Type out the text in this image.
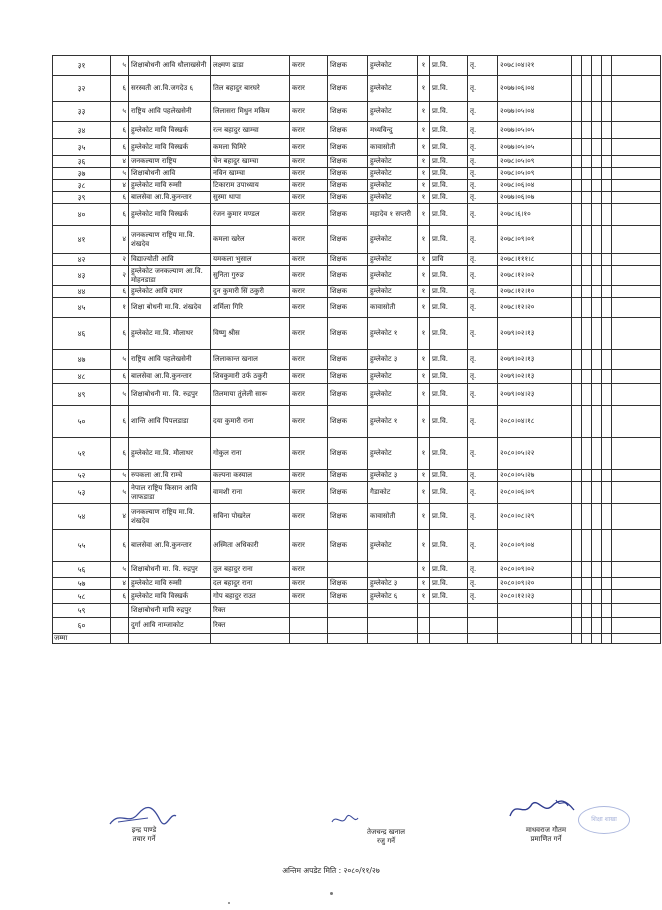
३१	५	शिक्षाबोधनी आवि धौलाखसेनी	लक्ष्मण ढाडा	करार	शिक्षक	हुम्लेकोट	१	प्रा.वि.	तृ.	२०७८।०४।२१					
३२	६	सरस्वती आ.वि.जगदेउ ६	तिल बहादुर बारघरे	करार	शिक्षक	हुम्लेकोट	१	प्रा.वि.	तृ.	२०७७।०६।०४					
३३	५	राष्ट्रिय आवि पहलेखसेनी	लिलासरा मिधुन मकिम	करार	शिक्षक	हुम्लेकोट	१	प्रा.वि.	तृ.	२०७७।०५।०४					
३४	६	हुम्लेकोट मावि विस्खर्क	रत्न बहादुर खाम्चा	करार	शिक्षक	मध्यविन्दु	१	प्रा.वि.	तृ.	२०७७।०५।०५					
३५	६	हुम्लेकोट मावि विस्खर्क	कमला घिमिरे	करार	शिक्षक	कावासोती	१	प्रा.वि.	तृ.	२०७७।०५।०५					
३६	४	जनकल्याण राष्ट्रिय	चेन बहादुर खाम्चा	करार	शिक्षक	हुम्लेकोट	१	प्रा.वि.	तृ.	२०७८।०५।०९					
३७	५	शिक्षाबोधनी आवि	नविन खाम्चा	करार	शिक्षक	हुम्लेकोट	१	प्रा.वि.	तृ.	२०७८।०५।०९					
३८	४	हुम्लेकोट मावि रुम्सी	टिकाराम उपाध्याय	करार	शिक्षक	हुम्लेकोट	१	प्रा.वि.	तृ.	२०७८।०६।०४					
३९	६	बालसेवा आ.वि.कुनन्तार	सुस्मा थापा	करार	शिक्षक	हुम्लेकोट	१	प्रा.वि.	तृ.	२०७७।०६।०७					
४०	६	हुम्लेकोट मावि विस्खर्क	रंजन कुमार मण्डल	करार	शिक्षक	महादेव १ सप्तरी	१	प्रा.वि.	तृ.	२०७८।६।१०					
४१	४	जनकल्याण राष्ट्रिय मा.वि. शंखदेव	कमला खरेल	करार	शिक्षक	हुम्लेकोट	१	प्रा.वि.	तृ.	२०७८।०९।०१					
४२	२	विद्याज्योती आवि	यमकला भुसाल	करार	शिक्षक	हुम्लेकोट	१	प्रावि	तृ.	२०७८।१११।८					
४३	२	हुम्लेकोट जनकल्याण आ.वि. मोहनडाडा	सुनिता गुरुङ	करार	शिक्षक	हुम्लेकोट	१	प्रा.वि.	तृ.	२०७८।१२।०२					
४४	६	हुम्लेकोट आवि दमार	दुन कुमारी सिं ठकुरी	करार	शिक्षक	हुम्लेकोट	१	प्रा.वि.	तृ.	२०७८।१२।१०					
४५	१	शिक्षा बोधनी मा.वि. शंखदेव	शर्मिला गिरि	करार	शिक्षक	कावासोती	१	प्रा.वि.	तृ.	२०७८।१२।२०					
४६	६	हुम्लेकोट मा.वि. मौलाथर	विष्णु श्रीस	करार	शिक्षक	हुम्लेकोट १	१	प्रा.वि.	तृ.	२०७९।०२।१३					
४७	५	राष्ट्रिय आवि पहलेखसेनी	लिलाकान्त खनाल	करार	शिक्षक	हुम्लेकोट ३	१	प्रा.वि.	तृ.	२०७९।०२।१३					
४८	६	बालसेवा आ.वि.कुनन्तार	शिवकुमारी उर्फ ठकुरी	करार	शिक्षक	हुम्लेकोट	१	प्रा.वि.	तृ.	२०७९।०२।१३					
४९	५	शिक्षाबोधनी मा. वि. रुद्रपुर	तिलमाया तुंलेली सारू	करार	शिक्षक	हुम्लेकोट	१	प्रा.वि.	तृ.	२०७९।०४।२३					
५०	६	शान्ति आवि पिपलडाडा	दया कुमारी राना	करार	शिक्षक	हुम्लेकोट १	१	प्रा.वि.	तृ.	२०८०।०४।१८					
५१	६	हुम्लेकोट मा.वि. मौलाथर	गोकुल राना	करार	शिक्षक	हुम्लेकोट	१	प्रा.वि.	तृ.	२०८०।०५।२२					
५२	५	रुपकला आ.वि राम्चे	कल्पना कस्याल	करार	शिक्षक	हुम्लेकोट ३	१	प्रा.वि.	तृ.	२०८०।०५।२७					
५३	५	नेपाल राष्ट्रिय किसान आवि जाफडाडा	वामशी राना	करार	शिक्षक	गैडाकोट	१	प्रा.वि.	तृ.	२०८०।०६।०९					
५४	४	जनकल्याण राष्ट्रिय मा.वि. शंखदेव	सविना पोखरेल	करार	शिक्षक	कावासोती	१	प्रा.वि.	तृ.	२०८०।०८।२९					
५५	६	बालसेवा आ.वि.कुनन्तार	अस्मिता अधिकारी	करार	शिक्षक	हुम्लेकोट	१	प्रा.वि.	तृ.	२०८०।०९।०४					
५६	५	शिक्षाबोधनी मा. वि. रुद्रपुर	तुल बहादुर राना	करार			१	प्रा.वि.	तृ.	२०८०।०९।०२					
५७	४	हुम्लेकोट मावि रुम्सी	दल बहादुर राना	करार	शिक्षक	हुम्लेकोट ३	१	प्रा.वि.	तृ.	२०८०।०९।२०					
५८	६	हुम्लेकोट मावि विस्खर्क	गोप बहादुर राउत	करार	शिक्षक	हुम्लेकोट ६	१	प्रा.वि.	तृ.	२०८०।१२।२३					
५९		शिक्षाबोधनी मावि रुद्रपुर	रिक्त												
६०		दुर्गा आवि नाम्जाकोट	रिक्त												
जम्मा															
इन्द्र पाण्डे
तयार गर्ने
तेजचन्द्र खनाल
रजु गर्ने
शिक्षा शाखा
माधवराज गौतम
प्रमाणित गर्ने
अन्तिम अपडेट मिति : २०८०/११/२७
